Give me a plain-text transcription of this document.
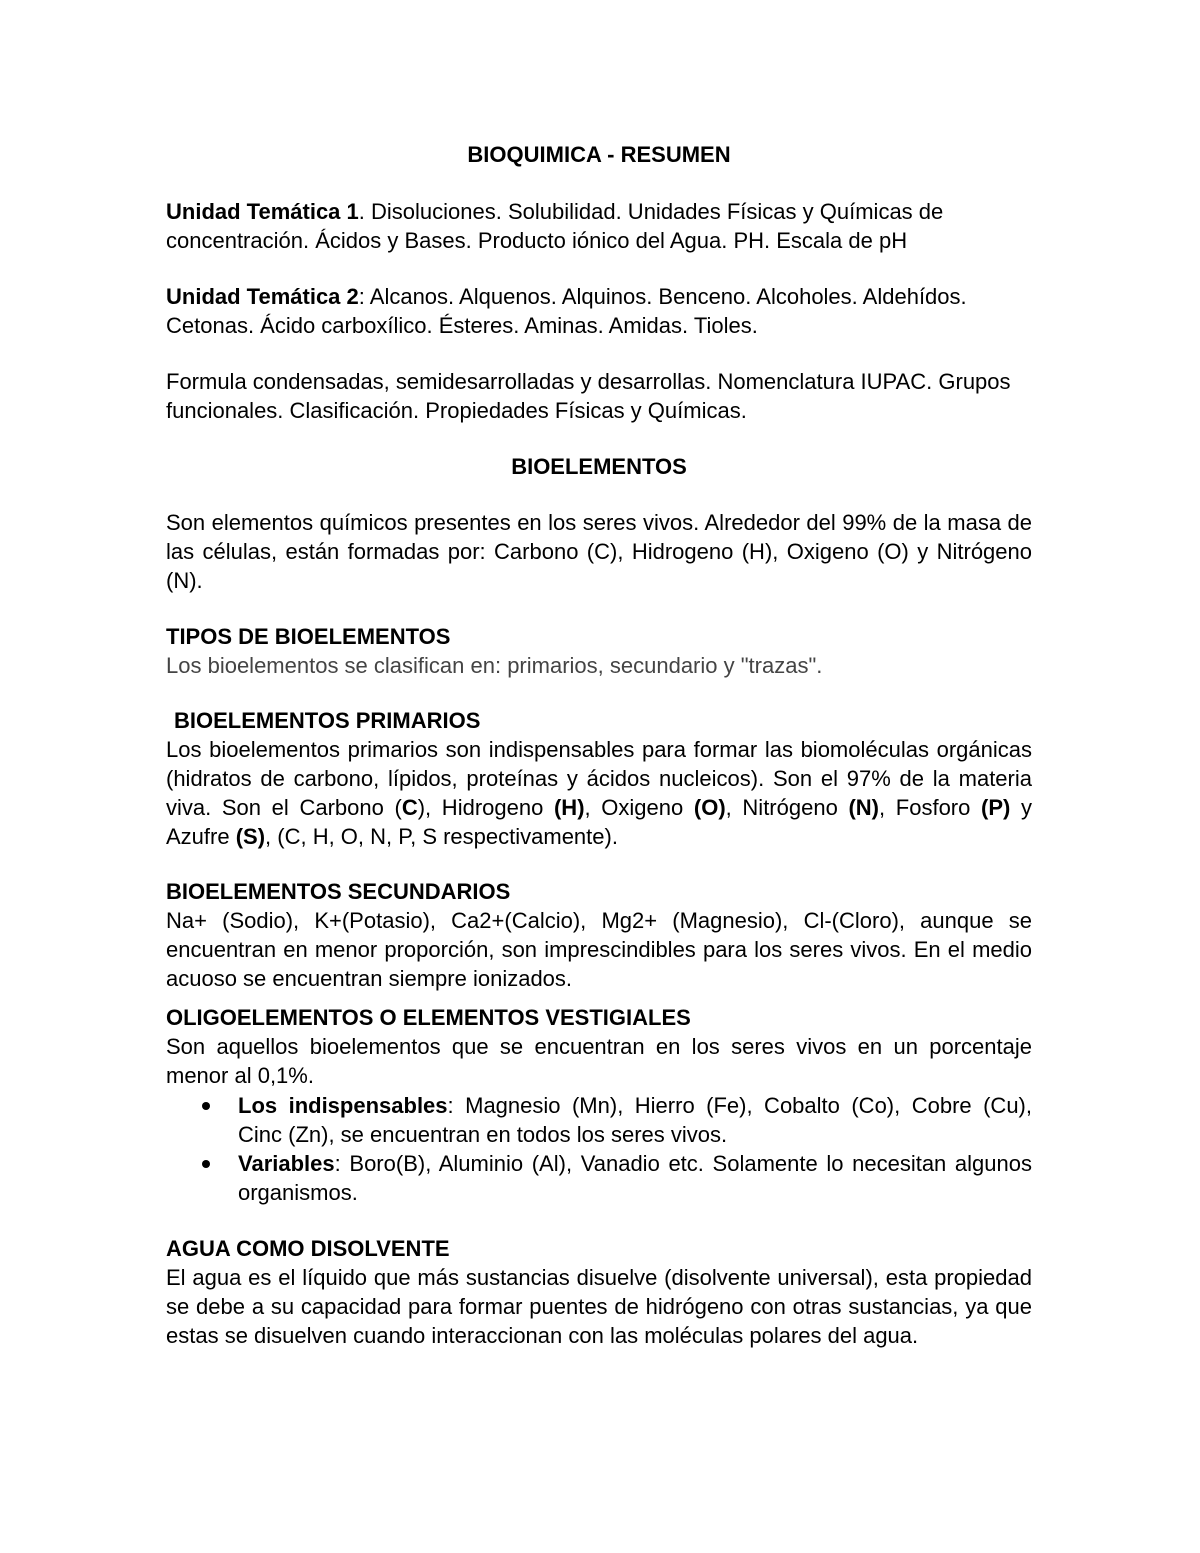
BIOQUIMICA - RESUMEN

Unidad Temática 1. Disoluciones. Solubilidad. Unidades Físicas y Químicas de concentración. Ácidos y Bases. Producto iónico del Agua. PH. Escala de pH

Unidad Temática 2: Alcanos. Alquenos. Alquinos. Benceno. Alcoholes. Aldehídos. Cetonas. Ácido carboxílico. Ésteres. Aminas. Amidas. Tioles.

Formula condensadas, semidesarrolladas y desarrollas. Nomenclatura IUPAC. Grupos funcionales. Clasificación. Propiedades Físicas y Químicas.

BIOELEMENTOS

Son elementos químicos presentes en los seres vivos. Alrededor del 99% de la masa de las células, están formadas por: Carbono (C), Hidrogeno (H), Oxigeno (O) y Nitrógeno (N).

TIPOS DE BIOELEMENTOS

Los bioelementos se clasifican en: primarios, secundario y "trazas".

BIOELEMENTOS PRIMARIOS

Los bioelementos primarios son indispensables para formar las biomoléculas orgánicas (hidratos de carbono, lípidos, proteínas y ácidos nucleicos). Son el 97% de la materia viva. Son el Carbono (C), Hidrogeno (H), Oxigeno (O), Nitrógeno (N), Fosforo (P) y Azufre (S), (C, H, O, N, P, S respectivamente).

BIOELEMENTOS SECUNDARIOS

Na+ (Sodio), K+(Potasio), Ca2+(Calcio), Mg2+ (Magnesio), Cl-(Cloro), aunque se encuentran en menor proporción, son imprescindibles para los seres vivos. En el medio acuoso se encuentran siempre ionizados.

OLIGOELEMENTOS O ELEMENTOS VESTIGIALES

Son aquellos bioelementos que se encuentran en los seres vivos en un porcentaje menor al 0,1%.

Los indispensables: Magnesio (Mn), Hierro (Fe), Cobalto (Co), Cobre (Cu), Cinc (Zn), se encuentran en todos los seres vivos.
Variables: Boro(B), Aluminio (Al), Vanadio etc. Solamente lo necesitan algunos organismos.

AGUA COMO DISOLVENTE

El agua es el líquido que más sustancias disuelve (disolvente universal), esta propiedad se debe a su capacidad para formar puentes de hidrógeno con otras sustancias, ya que estas se disuelven cuando interaccionan con las moléculas polares del agua.
